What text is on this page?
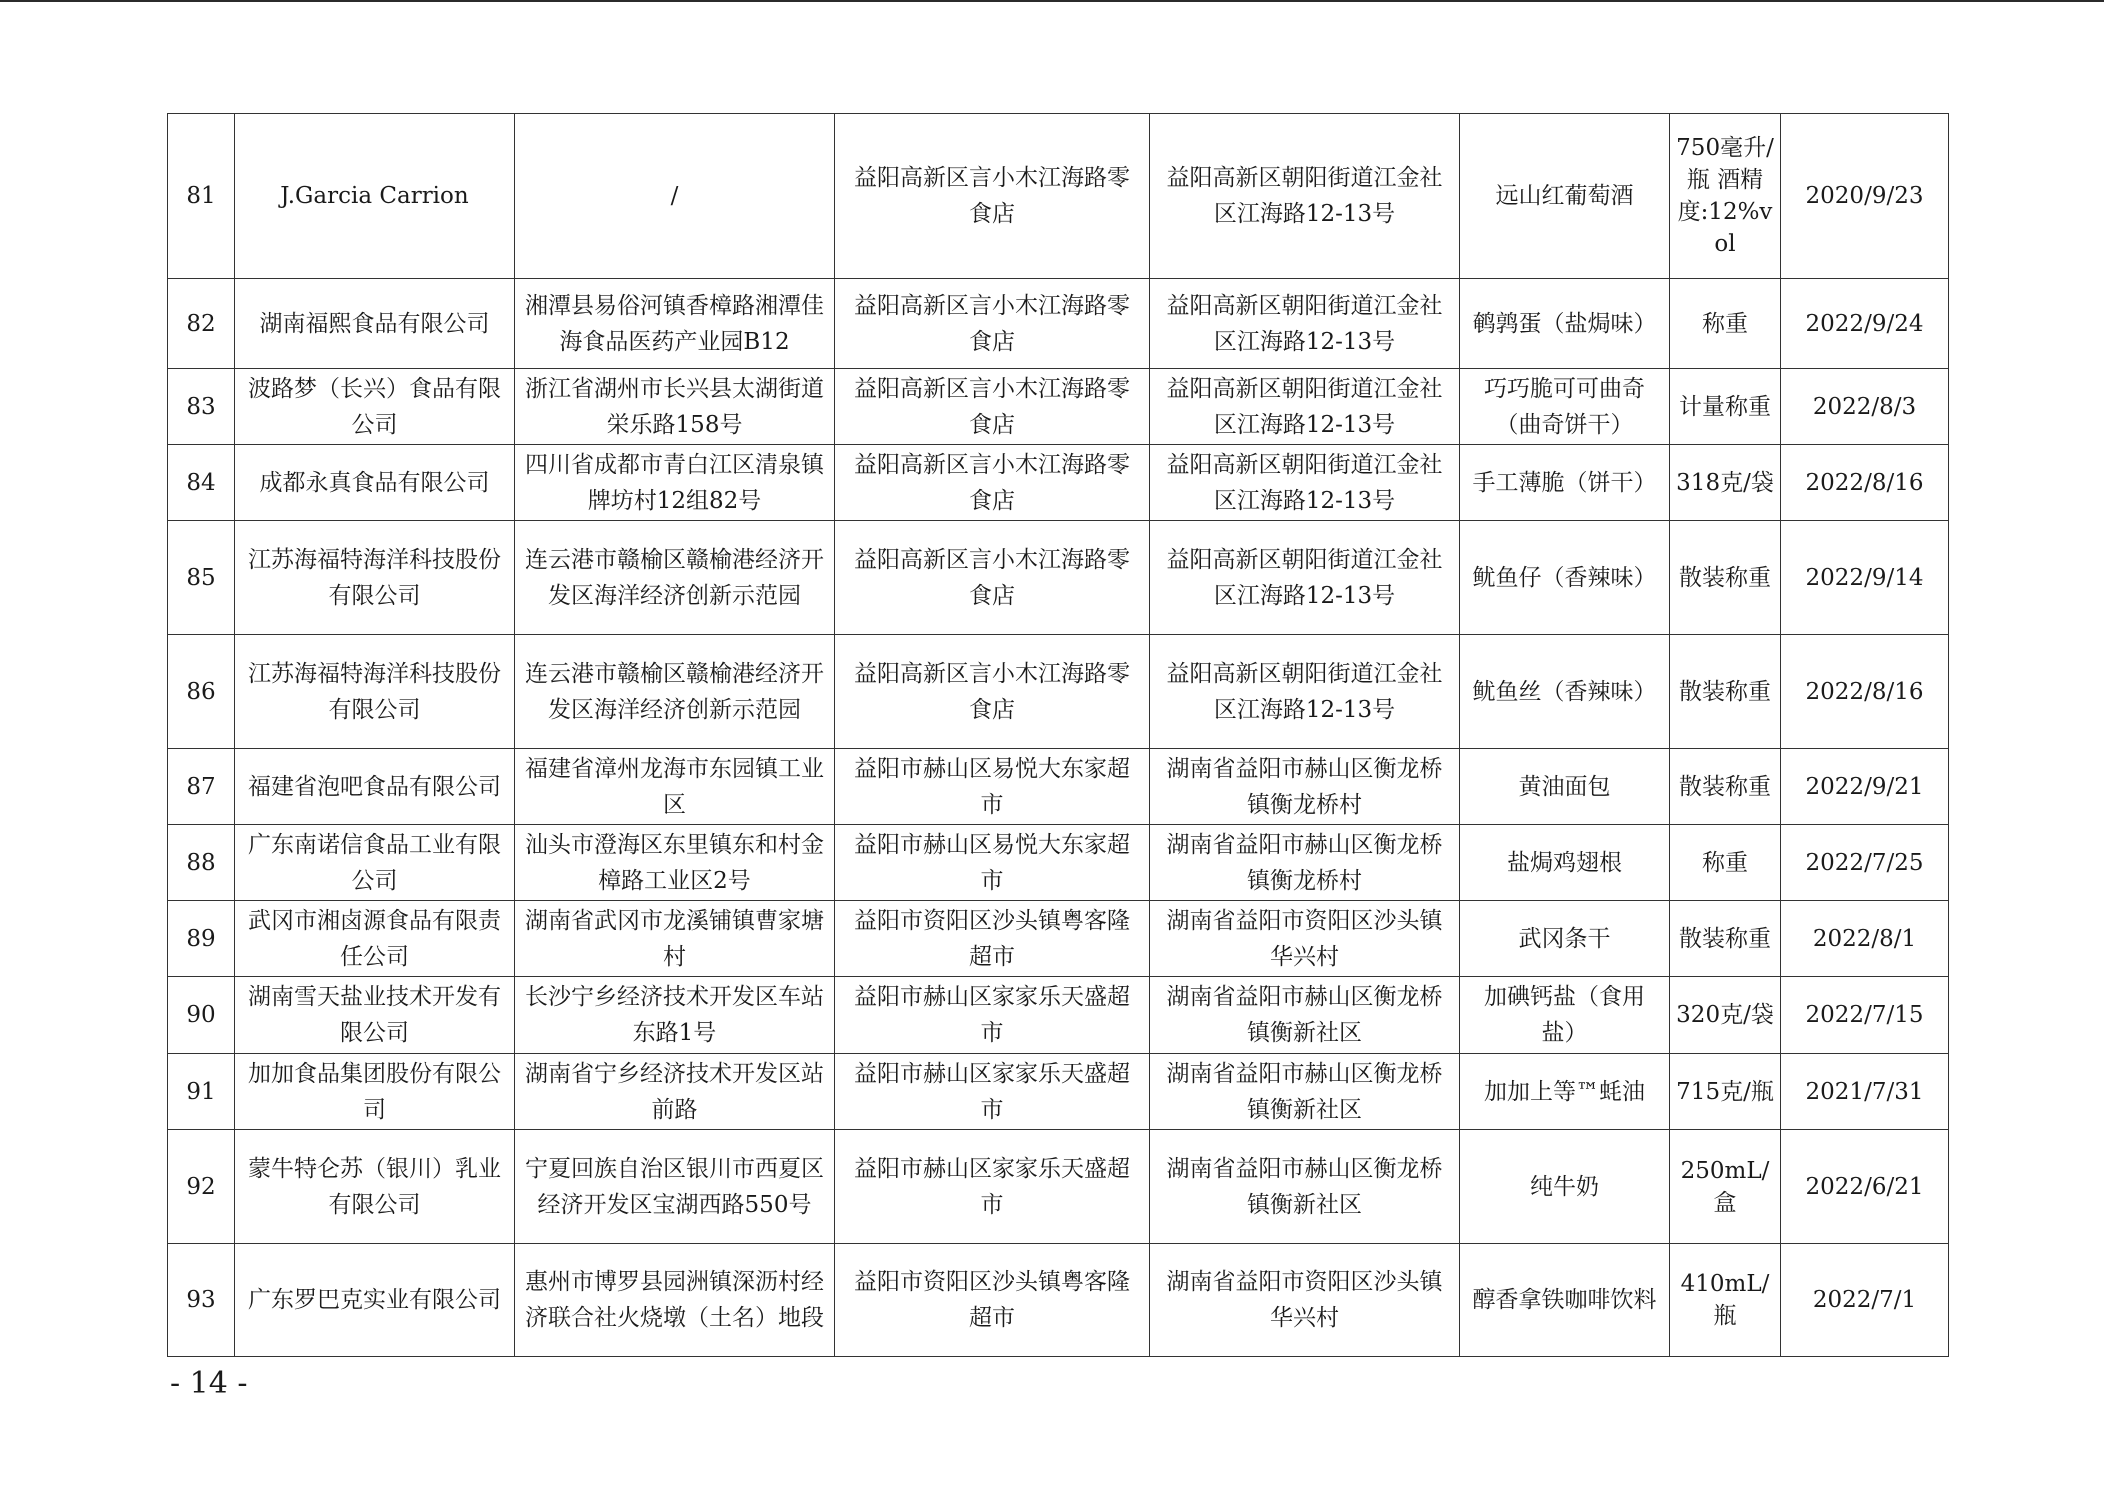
81	J.Garcia Carrion	/	益阳高新区言小木江海路零食店	益阳高新区朝阳街道江金社区江海路12-13号	远山红葡萄酒	750毫升/瓶 酒精度:12%vol	2020/9/23
82	湖南福熙食品有限公司	湘潭县易俗河镇香樟路湘潭佳海食品医药产业园B12	益阳高新区言小木江海路零食店	益阳高新区朝阳街道江金社区江海路12-13号	鹌鹑蛋（盐焗味）	称重	2022/9/24
83	波路梦（长兴）食品有限公司	浙江省湖州市长兴县太湖街道栄乐路158号	益阳高新区言小木江海路零食店	益阳高新区朝阳街道江金社区江海路12-13号	巧巧脆可可曲奇（曲奇饼干）	计量称重	2022/8/3
84	成都永真食品有限公司	四川省成都市青白江区清泉镇牌坊村12组82号	益阳高新区言小木江海路零食店	益阳高新区朝阳街道江金社区江海路12-13号	手工薄脆（饼干）	318克/袋	2022/8/16
85	江苏海福特海洋科技股份有限公司	连云港市赣榆区赣榆港经济开发区海洋经济创新示范园	益阳高新区言小木江海路零食店	益阳高新区朝阳街道江金社区江海路12-13号	鱿鱼仔（香辣味）	散装称重	2022/9/14
86	江苏海福特海洋科技股份有限公司	连云港市赣榆区赣榆港经济开发区海洋经济创新示范园	益阳高新区言小木江海路零食店	益阳高新区朝阳街道江金社区江海路12-13号	鱿鱼丝（香辣味）	散装称重	2022/8/16
87	福建省泡吧食品有限公司	福建省漳州龙海市东园镇工业区	益阳市赫山区易悦大东家超市	湖南省益阳市赫山区衡龙桥镇衡龙桥村	黄油面包	散装称重	2022/9/21
88	广东南诺信食品工业有限公司	汕头市澄海区东里镇东和村金樟路工业区2号	益阳市赫山区易悦大东家超市	湖南省益阳市赫山区衡龙桥镇衡龙桥村	盐焗鸡翅根	称重	2022/7/25
89	武冈市湘卤源食品有限责任公司	湖南省武冈市龙溪铺镇曹家塘村	益阳市资阳区沙头镇粤客隆超市	湖南省益阳市资阳区沙头镇华兴村	武冈条干	散装称重	2022/8/1
90	湖南雪天盐业技术开发有限公司	长沙宁乡经济技术开发区车站东路1号	益阳市赫山区家家乐天盛超市	湖南省益阳市赫山区衡龙桥镇衡新社区	加碘钙盐（食用盐）	320克/袋	2022/7/15
91	加加食品集团股份有限公司	湖南省宁乡经济技术开发区站前路	益阳市赫山区家家乐天盛超市	湖南省益阳市赫山区衡龙桥镇衡新社区	加加上等™蚝油	715克/瓶	2021/7/31
92	蒙牛特仑苏（银川）乳业有限公司	宁夏回族自治区银川市西夏区经济开发区宝湖西路550号	益阳市赫山区家家乐天盛超市	湖南省益阳市赫山区衡龙桥镇衡新社区	纯牛奶	250mL/盒	2022/6/21
93	广东罗巴克实业有限公司	惠州市博罗县园洲镇深沥村经济联合社火烧墩（土名）地段	益阳市资阳区沙头镇粤客隆超市	湖南省益阳市资阳区沙头镇华兴村	醇香拿铁咖啡饮料	410mL/瓶	2022/7/1
- 14 -
